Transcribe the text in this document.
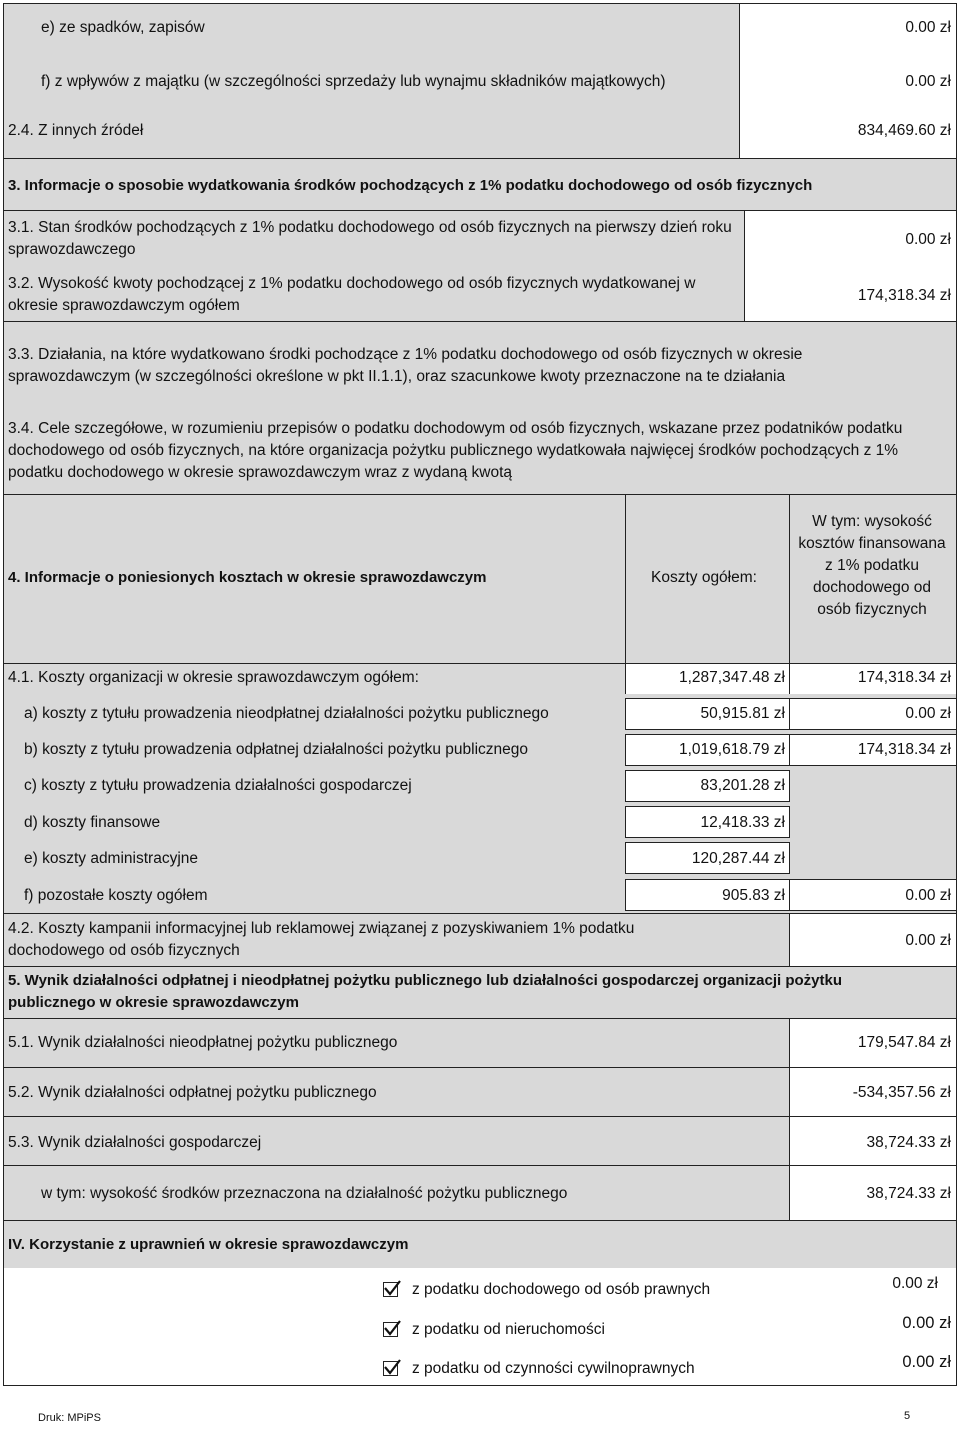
e) ze spadków, zapisów	0.00 zł
f) z wpływów z majątku (w szczególności sprzedaży lub wynajmu składników majątkowych)	0.00 zł
2.4. Z innych źródeł	834,469.60 zł
3. Informacje o sposobie wydatkowania środków pochodzących z 1% podatku dochodowego od osób fizycznych
3.1. Stan środków pochodzących z 1% podatku dochodowego od osób fizycznych na pierwszy dzień roku sprawozdawczego
0.00 zł
3.2. Wysokość kwoty pochodzącej z 1% podatku dochodowego od osób fizycznych wydatkowanej w okresie sprawozdawczym ogółem
174,318.34 zł
3.3. Działania, na które wydatkowano środki pochodzące z 1% podatku dochodowego od osób fizycznych w okresie sprawozdawczym (w szczególności określone w pkt II.1.1), oraz szacunkowe kwoty przeznaczone na te działania
3.4. Cele szczegółowe, w rozumieniu przepisów o podatku dochodowym od osób fizycznych, wskazane przez podatników podatku dochodowego od osób fizycznych, na które organizacja pożytku publicznego wydatkowała najwięcej środków pochodzących z 1% podatku dochodowego w okresie sprawozdawczym wraz z wydaną kwotą
4. Informacje o poniesionych kosztach w okresie sprawozdawczym	Koszty ogółem:
W tym: wysokość kosztów finansowana z 1% podatku dochodowego od osób fizycznych
4.1. Koszty organizacji w okresie sprawozdawczym ogółem:	1,287,347.48 zł	174,318.34 zł
a) koszty z tytułu prowadzenia nieodpłatnej działalności pożytku publicznego	50,915.81 zł	0.00 zł
b) koszty z tytułu prowadzenia odpłatnej działalności pożytku publicznego	1,019,618.79 zł	174,318.34 zł
c) koszty z tytułu prowadzenia działalności gospodarczej	83,201.28 zł
d) koszty finansowe	12,418.33 zł
e) koszty administracyjne	120,287.44 zł
f) pozostałe koszty ogółem	905.83 zł	0.00 zł
4.2. Koszty kampanii informacyjnej lub reklamowej związanej z pozyskiwaniem 1% podatku dochodowego od osób fizycznych
0.00 zł
5. Wynik działalności odpłatnej i nieodpłatnej pożytku publicznego lub działalności gospodarczej organizacji pożytku publicznego w okresie sprawozdawczym
5.1. Wynik działalności nieodpłatnej pożytku publicznego	179,547.84 zł
5.2. Wynik działalności odpłatnej pożytku publicznego	-534,357.56 zł
5.3. Wynik działalności gospodarczej	38,724.33 zł
w tym: wysokość środków przeznaczona na działalność pożytku publicznego	38,724.33 zł
IV. Korzystanie z uprawnień w okresie sprawozdawczym
z podatku dochodowego od osób prawnych	0.00 zł
z podatku od nieruchomości	0.00 zł
z podatku od czynności cywilnoprawnych	0.00 zł
Druk: MPiPS	5
